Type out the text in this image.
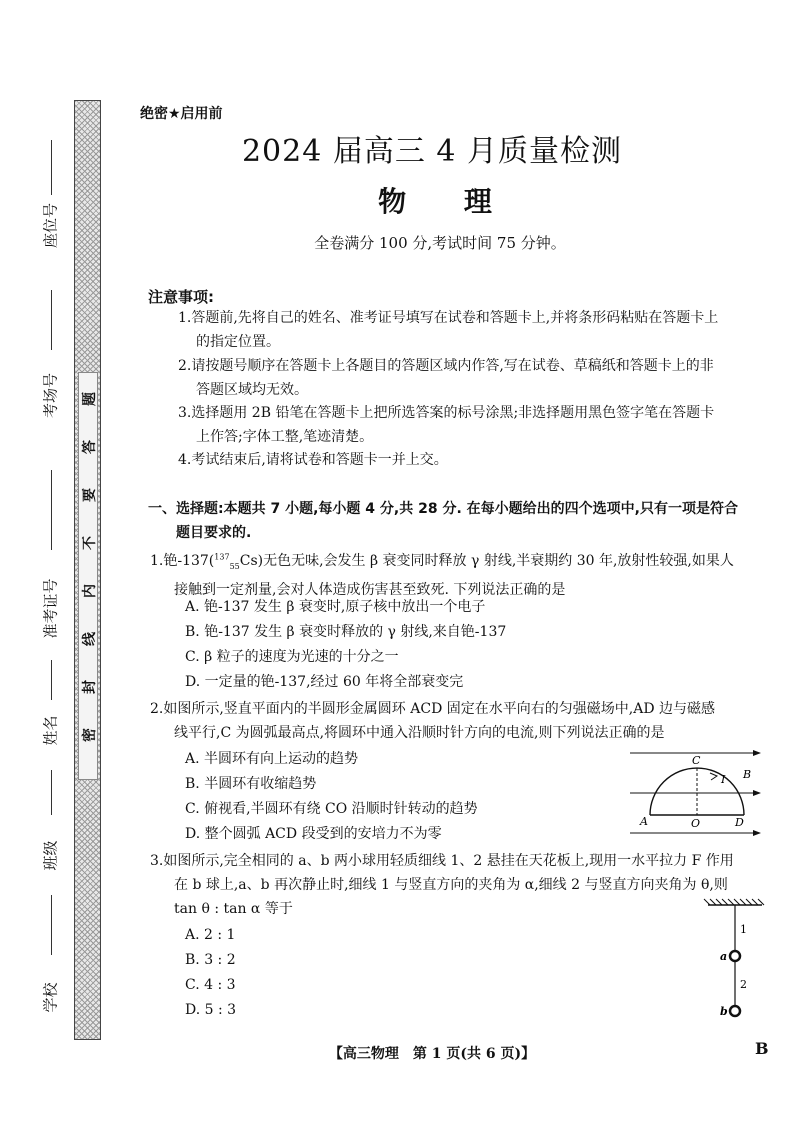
题
答
要
不
内
线
封
密
座位号
考场号
准考证号
姓名
班级
学校
绝密★启用前
2024 届高三 4 月质量检测
物 理
全卷满分 100 分,考试时间 75 分钟。
注意事项:
1.答题前,先将自己的姓名、准考证号填写在试卷和答题卡上,并将条形码粘贴在答题卡上
的指定位置。
2.请按题号顺序在答题卡上各题目的答题区域内作答,写在试卷、草稿纸和答题卡上的非
答题区域均无效。
3.选择题用 2B 铅笔在答题卡上把所选答案的标号涂黑;非选择题用黑色签字笔在答题卡
上作答;字体工整,笔迹清楚。
4.考试结束后,请将试卷和答题卡一并上交。
一、选择题:本题共 7 小题,每小题 4 分,共 28 分. 在每小题给出的四个选项中,只有一项是符合
题目要求的.
1.铯-137($^{137}_{55}$Cs)无色无味,会发生 β 衰变同时释放 γ 射线,半衰期约 30 年,放射性较强,如果人
接触到一定剂量,会对人体造成伤害甚至致死. 下列说法正确的是
A. 铯-137 发生 β 衰变时,原子核中放出一个电子
B. 铯-137 发生 β 衰变时释放的 γ 射线,来自铯-137
C. β 粒子的速度为光速的十分之一
D. 一定量的铯-137,经过 60 年将全部衰变完
2.如图所示,竖直平面内的半圆形金属圆环 ACD 固定在水平向右的匀强磁场中,AD 边与磁感
线平行,C 为圆弧最高点,将圆环中通入沿顺时针方向的电流,则下列说法正确的是
A. 半圆环有向上运动的趋势
B. 半圆环有收缩趋势
C. 俯视看,半圆环有绕 CO 沿顺时针转动的趋势
D. 整个圆弧 ACD 段受到的安培力不为零
C
I B
A	O	D
3.如图所示,完全相同的 a、b 两小球用轻质细线 1、2 悬挂在天花板上,现用一水平拉力 F 作用
在 b 球上,a、b 再次静止时,细线 1 与竖直方向的夹角为 α,细线 2 与竖直方向夹角为 θ,则
tan θ : tan α 等于
A. 2 : 1
B. 3 : 2
C. 4 : 3
D. 5 : 3
1
2
a
b
【高三物理　第 1 页(共 6 页)】	B
